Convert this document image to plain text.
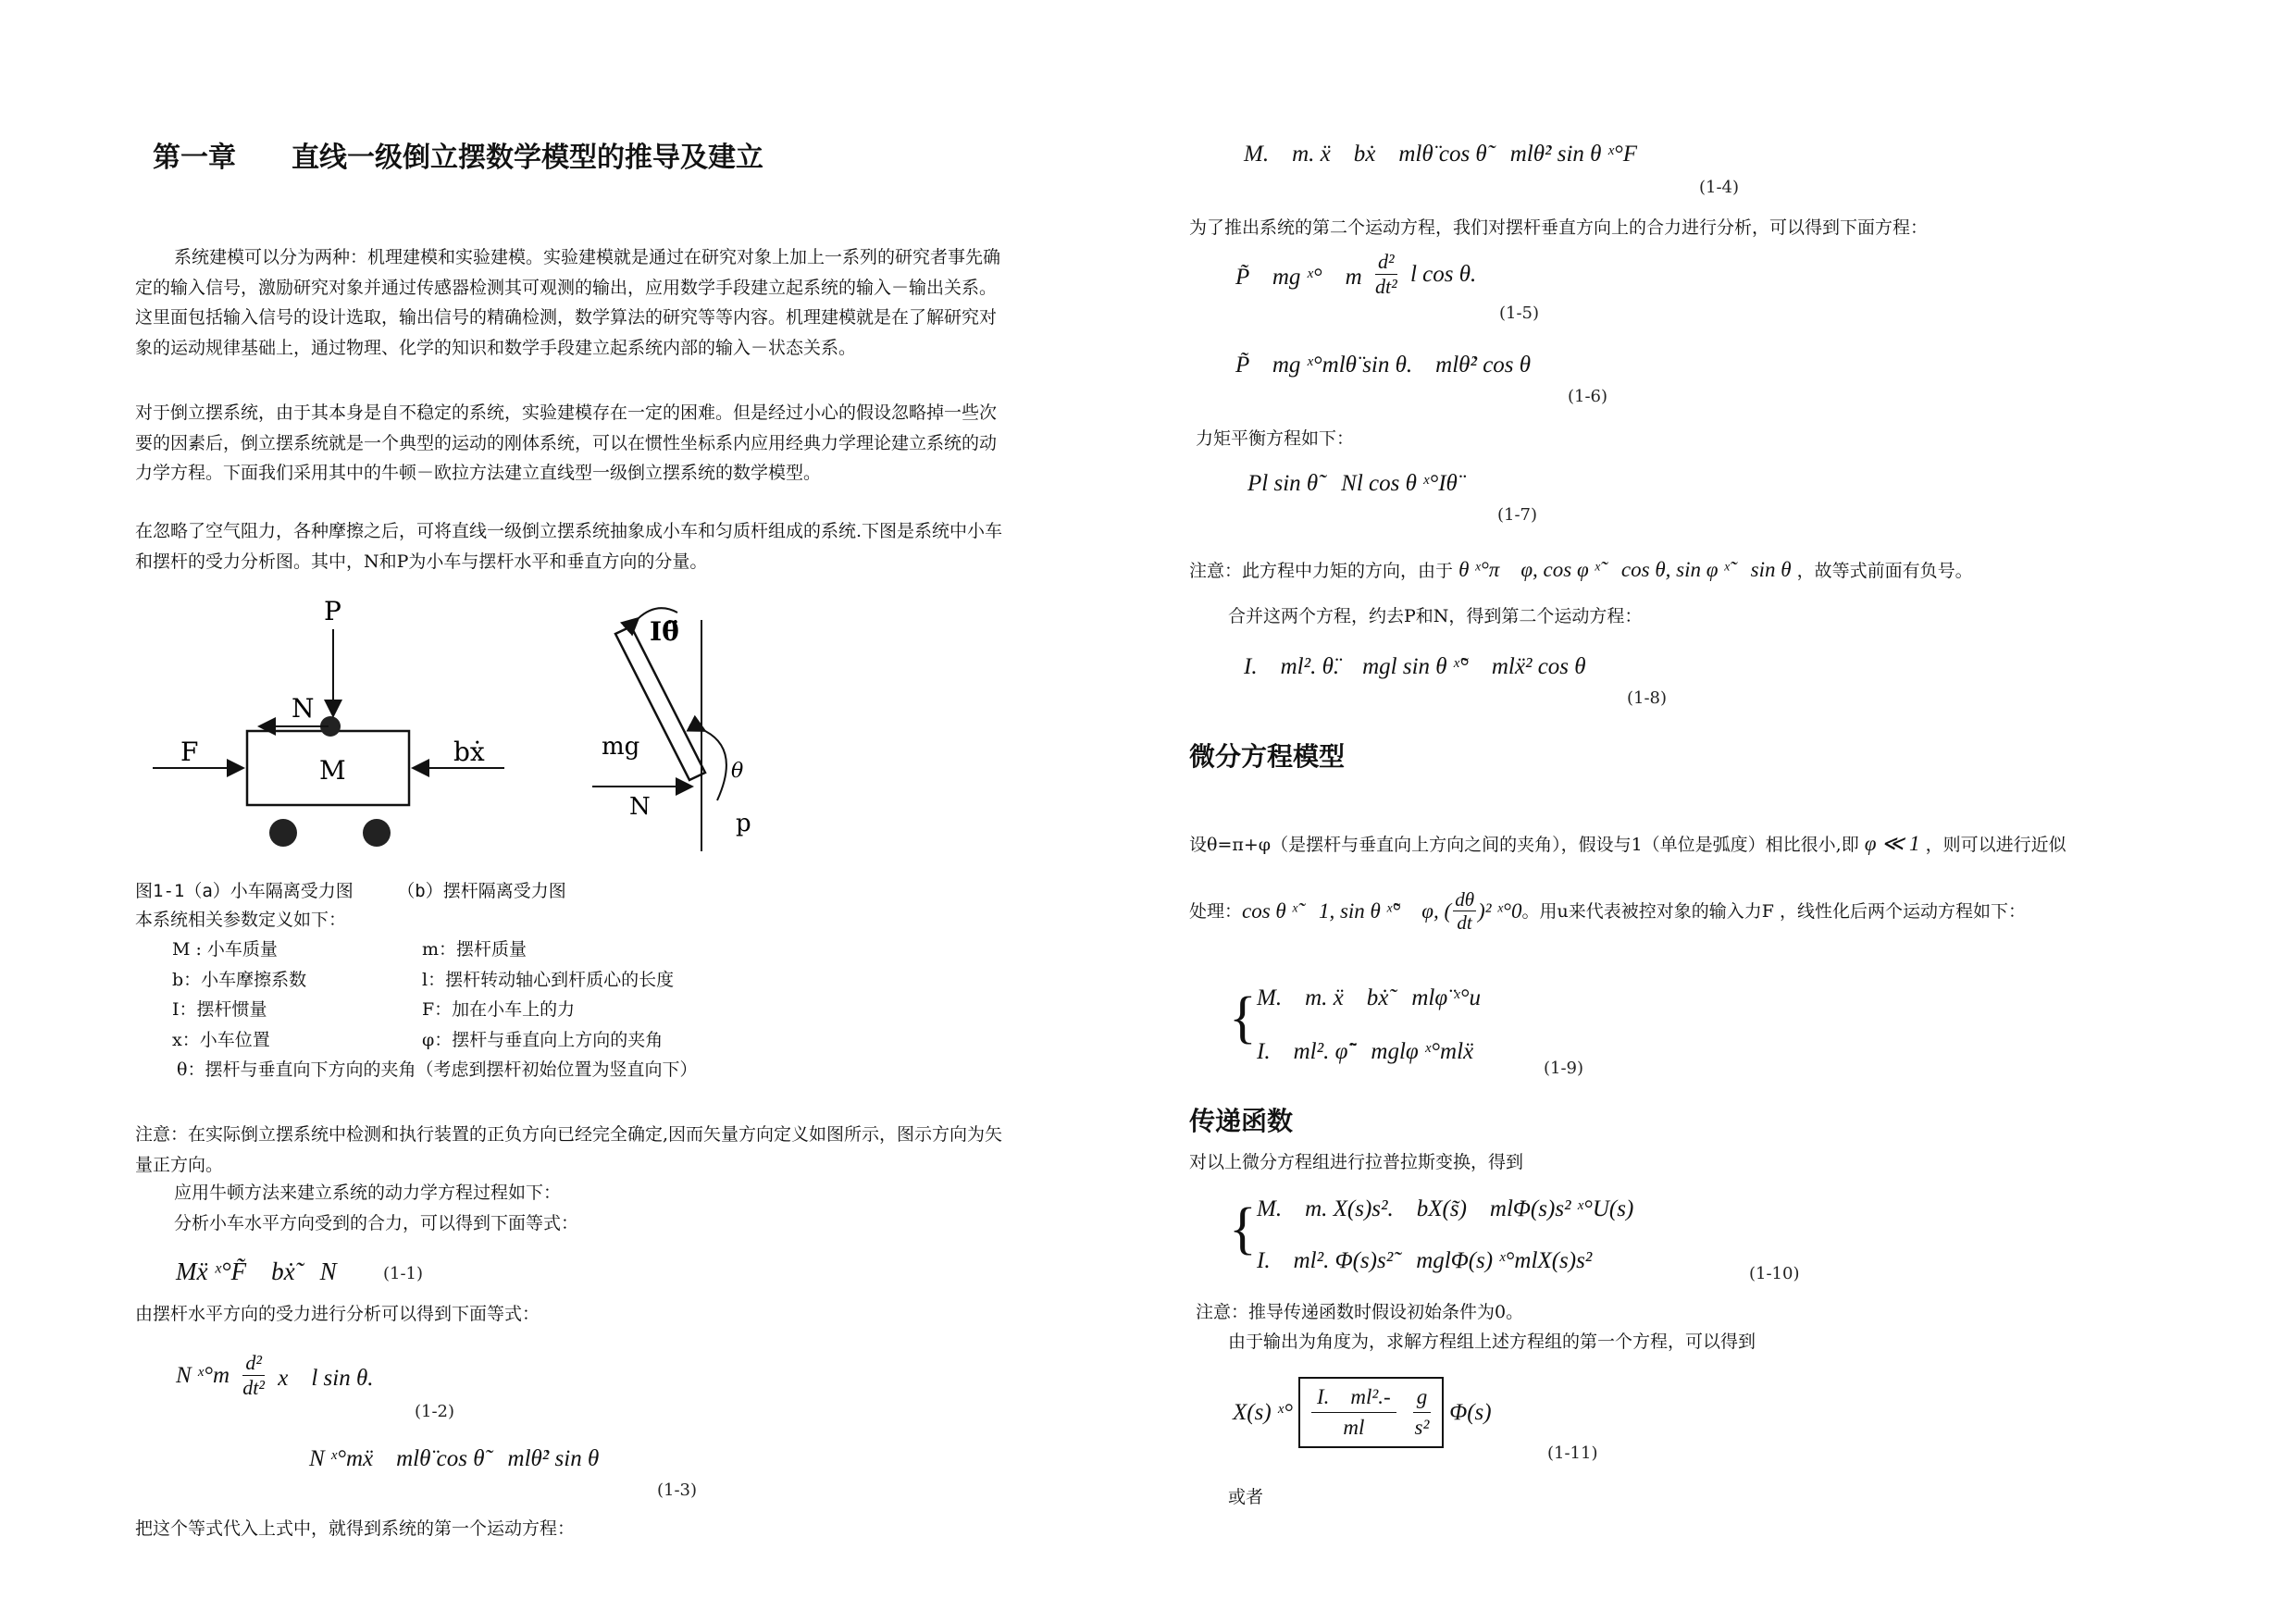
第一章　　直线一级倒立摆数学模型的推导及建立
系统建模可以分为两种：机理建模和实验建模。实验建模就是通过在研究对象上加上一系列的研究者事先确
定的输入信号，激励研究对象并通过传感器检测其可观测的输出，应用数学手段建立起系统的输入－输出关系。
这里面包括输入信号的设计选取，输出信号的精确检测，数学算法的研究等等内容。机理建模就是在了解研究对
象的运动规律基础上，通过物理、化学的知识和数学手段建立起系统内部的输入－状态关系。
对于倒立摆系统，由于其本身是自不稳定的系统，实验建模存在一定的困难。但是经过小心的假设忽略掉一些次
要的因素后，倒立摆系统就是一个典型的运动的刚体系统，可以在惯性坐标系内应用经典力学理论建立系统的动
力学方程。下面我们采用其中的牛顿－欧拉方法建立直线型一级倒立摆系统的数学模型。
在忽略了空气阻力，各种摩擦之后，可将直线一级倒立摆系统抽象成小车和匀质杆组成的系统.下图是系统中小车
和摆杆的受力分析图。其中，N和P为小车与摆杆水平和垂直方向的分量。
P
N
F
M
bẋ
Iθ̈
mg
N
θ
p
图1-1（a）小车隔离受力图　　　（b）摆杆隔离受力图
本系统相关参数定义如下：
M : 小车质量	m：摆杆质量
b：小车摩擦系数	l：摆杆转动轴心到杆质心的长度
I：摆杆惯量	F：加在小车上的力
x：小车位置	φ：摆杆与垂直向上方向的夹角
θ：摆杆与垂直向下方向的夹角（考虑到摆杆初始位置为竖直向下）
注意：在实际倒立摆系统中检测和执行装置的正负方向已经完全确定,因而矢量方向定义如图所示，图示方向为矢
量正方向。
应用牛顿方法来建立系统的动力学方程过程如下：
分析小车水平方向受到的合力，可以得到下面等式：
Mẍ ˣ°F̃　bẋ̃　N	(1-1)
由摆杆水平方向的受力进行分析可以得到下面等式：
N ˣ°m $\frac{\text{d²}}{\text{dt²}}$ x　l sin θ.
(1-2)
N ˣ°mẍ　mlθ̈ cos θ̃　mlθ̇² sin θ
(1-3)
把这个等式代入上式中，就得到系统的第一个运动方程：
M.　m. ẍ　bẋ　mlθ̈ cos θ̃　mlθ̇² sin θ ˣ°F
(1-4)
为了推出系统的第二个运动方程，我们对摆杆垂直方向上的合力进行分析，可以得到下面方程：
P̃　mg ˣ°　m $\frac{\text{d²}}{\text{dt²}}$ l cos θ.
(1-5)
P̃　mg ˣ°mlθ̈ sin θ.　mlθ̇² cos θ
(1-6)
力矩平衡方程如下：
Pl sin θ̃　Nl cos θ ˣ°Iθ̈
(1-7)
注意：此方程中力矩的方向，由于 θ ˣ°π　φ, cos φ ˣ̃　cos θ, sin φ ˣ̃　sin θ ，故等式前面有负号。
合并这两个方程，约去P和N，得到第二个运动方程：
I.　ml². θ̈.　mgl sin θ ˣ̃°　mlẍ² cos θ
(1-8)
微分方程模型
设θ=π+φ（是摆杆与垂直向上方向之间的夹角），假设与1（单位是弧度）相比很小,即 φ ≪ 1 ，则可以进行近似
处理： cos θ ˣ̃　1, sin θ ˣ̃°　φ, ( $\frac{d\theta}{dt} )^2$ ˣ°0 。用u来代表被控对象的输入力F ，线性化后两个运动方程如下：
{ M.　m. ẍ　bẋ̃　mlφ̈ ˣ°u
I.　ml². φ̈̃　mglφ ˣ°mlẍ
(1-9)
传递函数
对以上微分方程组进行拉普拉斯变换，得到
{ M.　m. X(s)s².　bX(s̃)　mlΦ(s)s² ˣ°U(s)
I.　ml². Φ(s)s²̃　mglΦ(s) ˣ°mlX(s)s²
(1-10)
注意：推导传递函数时假设初始条件为0。
由于输出为角度为，求解方程组上述方程组的第一个方程，可以得到
X(s) ˣ° $\frac{\text{I.　ml².-}}{ml} \frac{g}{\text{s²}} \Phi(s)$
(1-11)
或者
